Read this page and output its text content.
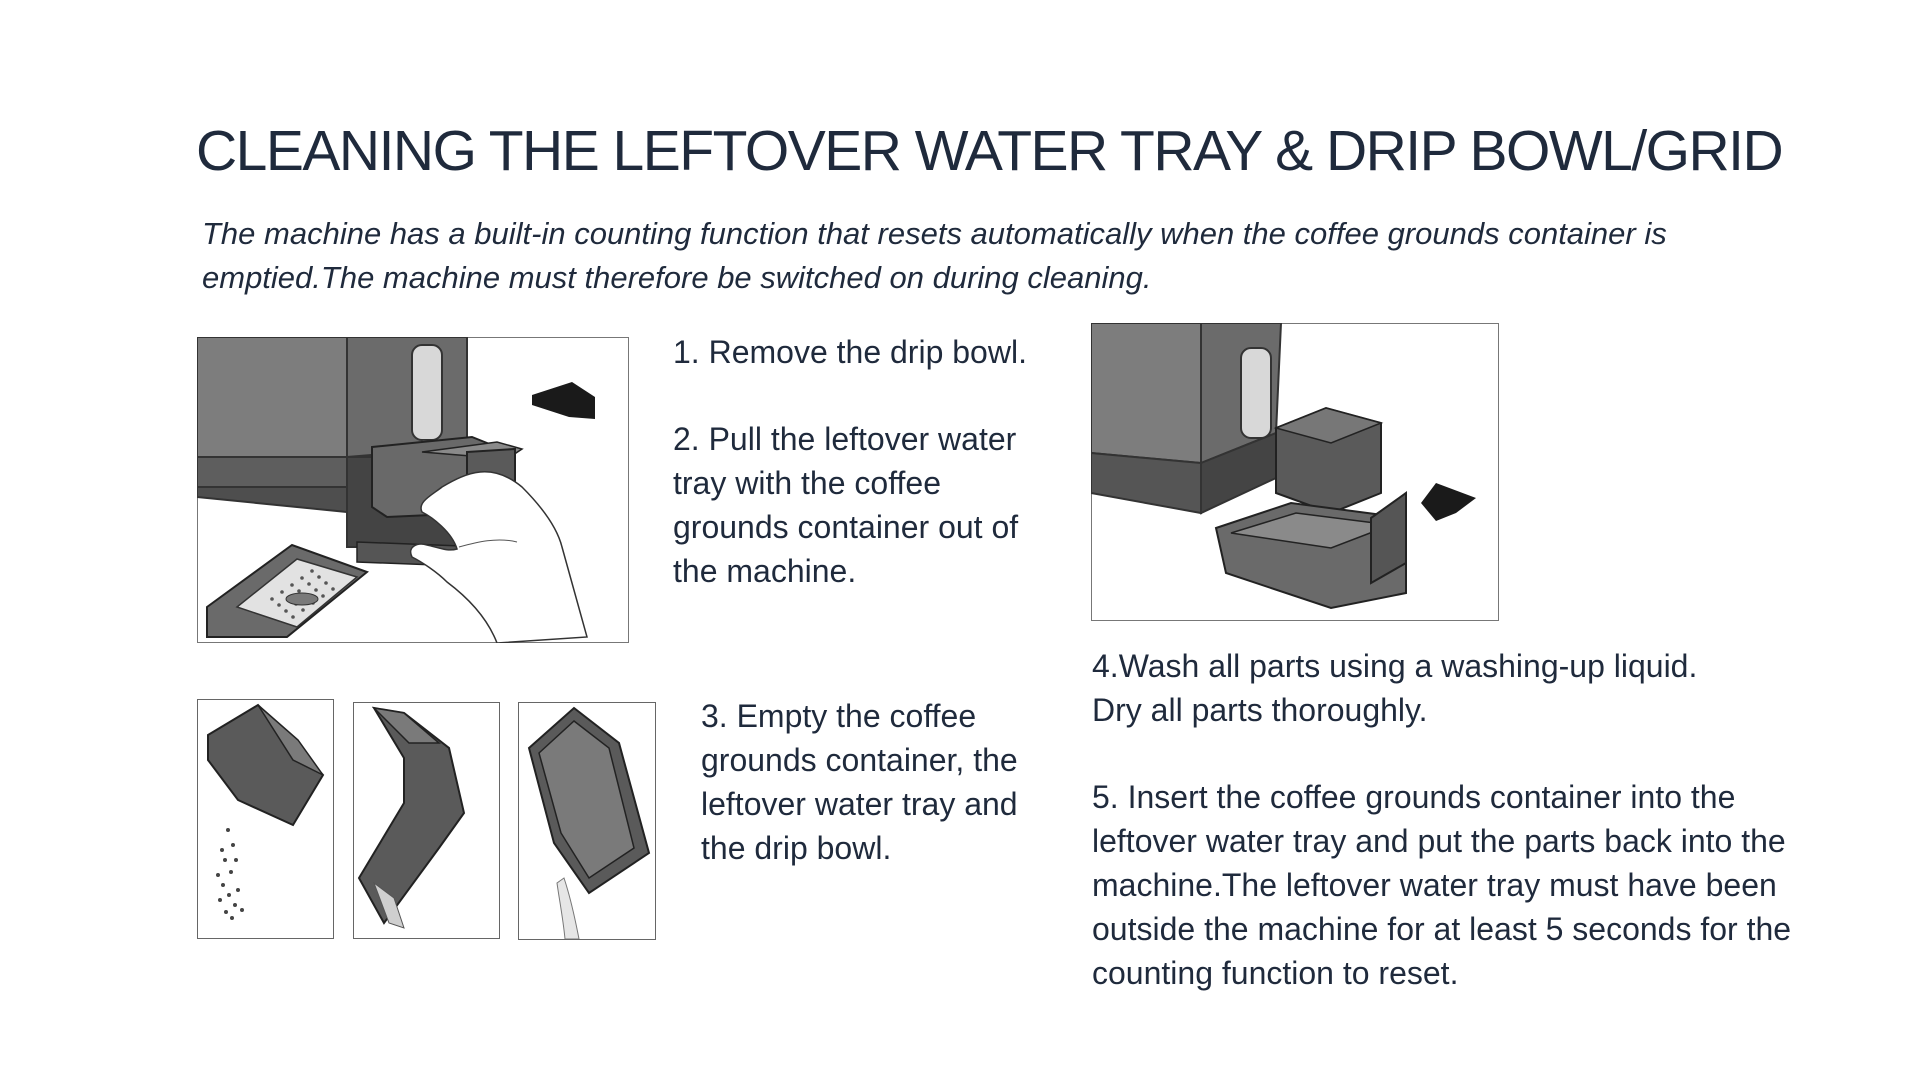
CLEANING THE LEFTOVER WATER TRAY & DRIP BOWL/GRID

The machine has a built-in counting function that resets automatically when the coffee grounds container is emptied.The machine must therefore be switched on during cleaning.

1. Remove the drip bowl.

2. Pull the leftover water tray with the coffee grounds container out of the machine.

4.Wash all parts using a washing-up liquid. Dry all parts thoroughly.

5. Insert the coffee grounds container into the leftover water tray and put the parts back into the machine.The leftover water tray must have been outside the machine for at least 5 seconds for the counting function to reset.

3. Empty the coffee grounds container, the leftover water tray and the drip bowl.
